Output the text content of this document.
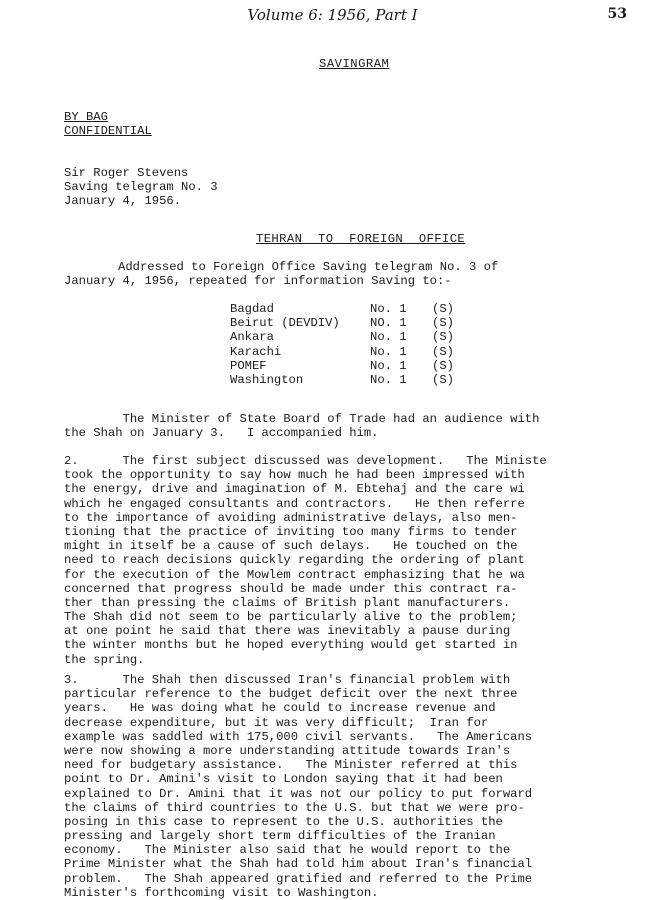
Volume 6: 1956, Part I	53
SAVINGRAM
BY BAG
CONFIDENTIAL
Sir Roger Stevens
Saving telegram No. 3
January 4, 1956.
TEHRAN TO FOREIGN OFFICE
Addressed to Foreign Office Saving telegram No. 3 of
January 4, 1956, repeated for information Saving to:-
Bagdad	No. 1	(S)
Beirut (DEVDIV)	NO. 1	(S)
Ankara	No. 1	(S)
Karachi	No. 1	(S)
POMEF	No. 1	(S)
Washington	No. 1	(S)

The Minister of State Board of Trade had an audience with
the Shah on January 3.   I accompanied him.

2.      The first subject discussed was development.   The Ministe
took the opportunity to say how much he had been impressed with
the energy, drive and imagination of M. Ebtehaj and the care wi
which he engaged consultants and contractors.   He then referre
to the importance of avoiding administrative delays, also men-
tioning that the practice of inviting too many firms to tender
might in itself be a cause of such delays.   He touched on the
need to reach decisions quickly regarding the ordering of plant
for the execution of the Mowlem contract emphasizing that he wa
concerned that progress should be made under this contract ra-
ther than pressing the claims of British plant manufacturers.
The Shah did not seem to be particularly alive to the problem;
at one point he said that there was inevitably a pause during
the winter months but he hoped everything would get started in
the spring.

3.      The Shah then discussed Iran's financial problem with
particular reference to the budget deficit over the next three
years.   He was doing what he could to increase revenue and
decrease expenditure, but it was very difficult;  Iran for
example was saddled with 175,000 civil servants.   The Americans
were now showing a more understanding attitude towards Iran's
need for budgetary assistance.   The Minister referred at this
point to Dr. Amini's visit to London saying that it had been
explained to Dr. Amini that it was not our policy to put forward
the claims of third countries to the U.S. but that we were pro-
posing in this case to represent to the U.S. authorities the
pressing and largely short term difficulties of the Iranian
economy.   The Minister also said that he would report to the
Prime Minister what the Shah had told him about Iran's financial
problem.   The Shah appeared gratified and referred to the Prime
Minister's forthcoming visit to Washington.
